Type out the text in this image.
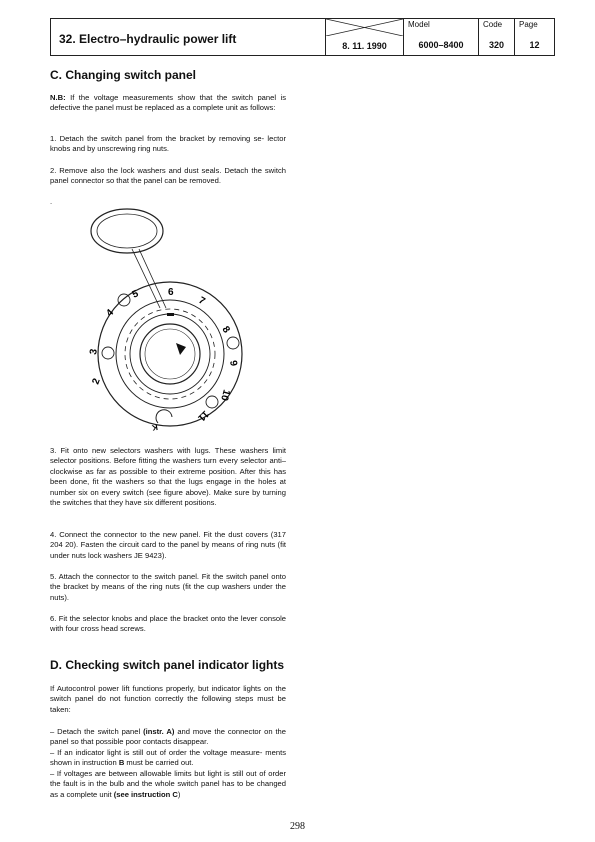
32. Electro–hydraulic power lift	8. 11. 1990
Model
6000–8400
Code
320
Page
12
C. Changing switch panel

N.B: If the voltage measurements show that the switch panel is defective the panel must be replaced as a complete unit as follows:

1. Detach the switch panel from the bracket by removing se- lector knobs and by unscrewing ring nuts.

2. Remove also the lock washers and dust seals. Detach the switch panel connector so that the panel can be removed.

.

2
3
4
5	6
7
8
9
10
11
K

3. Fit onto new selectors washers with lugs. These washers limit selector positions. Before fitting the washers turn every selector anti–clockwise as far as possible to their extreme position. After this has been done, fit the washers so that the lugs engage in the holes at number six on every switch (see figure above). Make sure by turning the switches that they have six different positions.

4. Connect the connector to the new panel. Fit the dust covers (317 204 20). Fasten the circuit card to the panel by means of ring nuts (fit under nuts lock washers JE 9423).

5. Attach the connector to the switch panel. Fit the switch panel onto the bracket by means of the ring nuts (fit the cup washers under the nuts).

6. Fit the selector knobs and place the bracket onto the lever console with four cross head screws.

D. Checking switch panel indicator lights

If Autocontrol power lift functions properly, but indicator lights on the switch panel do not function correctly the following steps must be taken:

– Detach the switch panel (instr. A) and move the connector on the panel so that possible poor contacts disappear.

– If an indicator light is still out of order the voltage measure- ments shown in instruction B must be carried out.

– If voltages are between allowable limits but light is still out of order the fault is in the bulb and the whole switch panel has to be changed as a complete unit (see instruction C)

298
